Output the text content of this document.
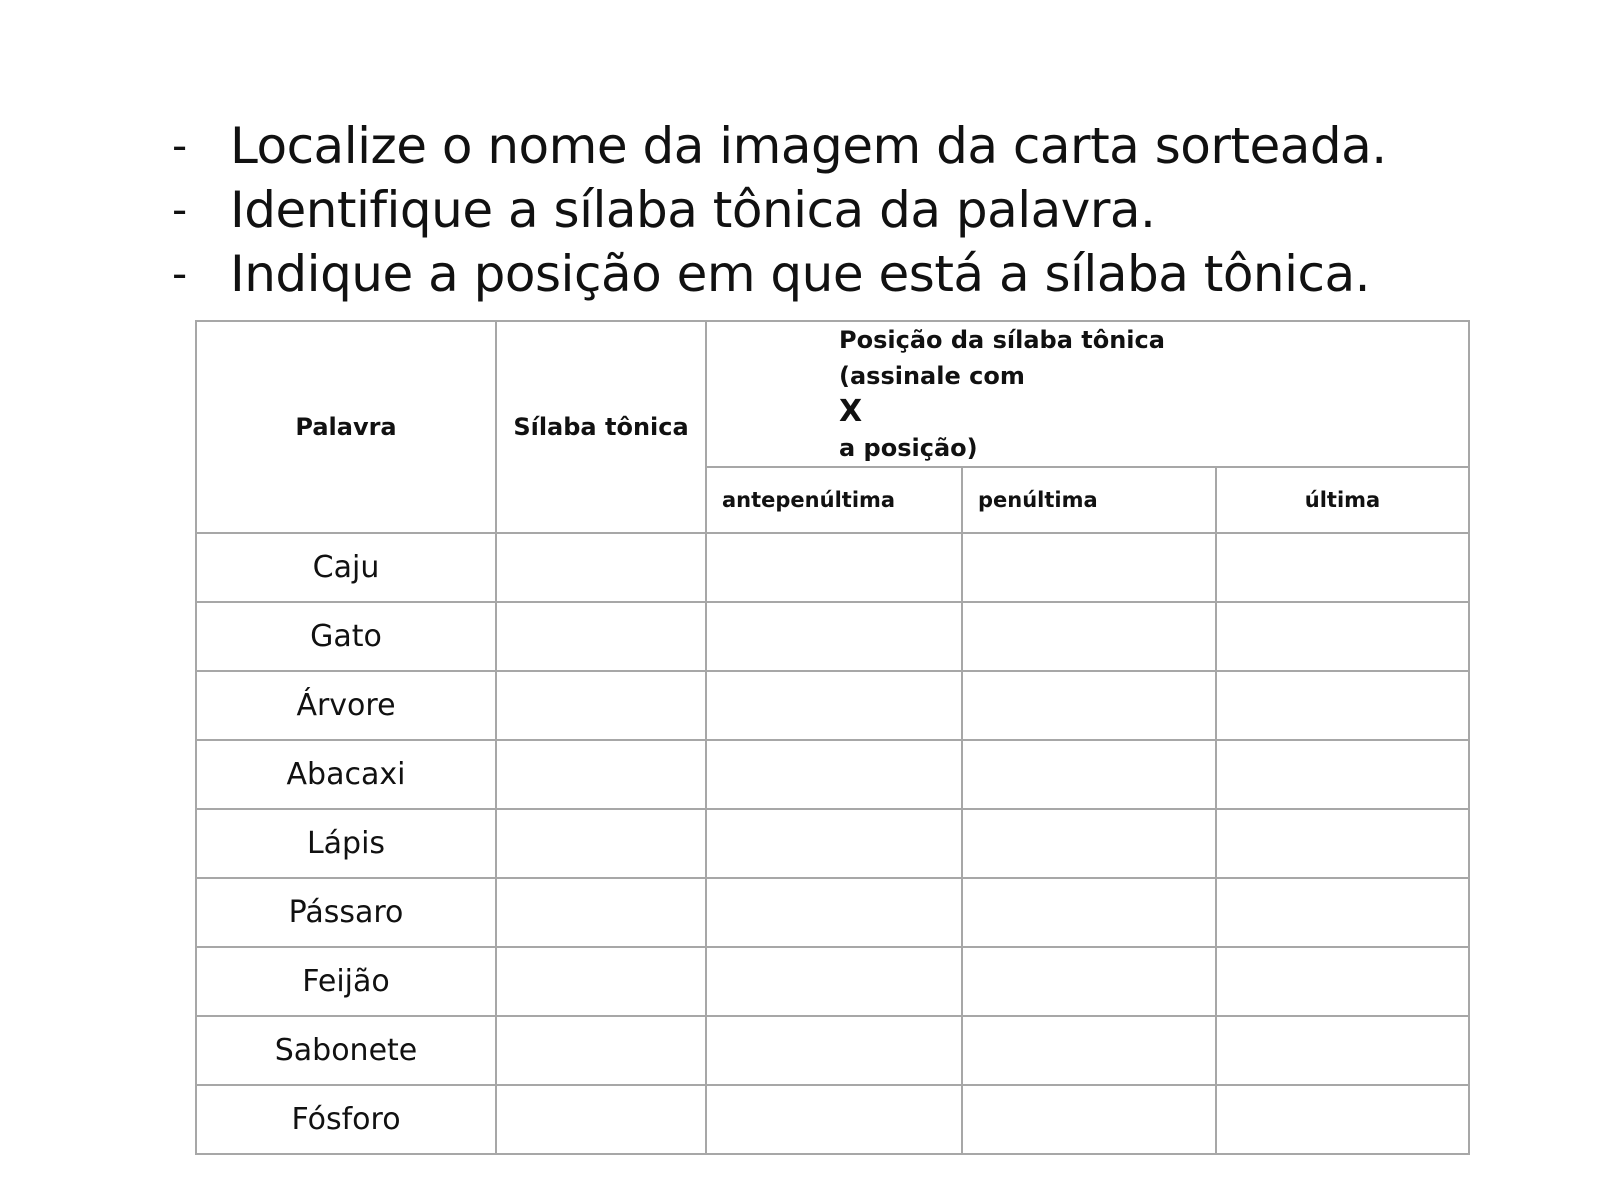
- Localize o nome da imagem da carta sorteada.
- Identifique a sílaba tônica da palavra.
- Indique a posição em que está a sílaba tônica.
Palavra	Sílaba tônica	Posição da sílaba tônica
(assinale com
X
a posição)		

		antepenúltima	penúltima	última
Caju				
Gato				
Árvore				
Abacaxi				
Lápis				
Pássaro				
Feijão				
Sabonete				
Fósforo				
